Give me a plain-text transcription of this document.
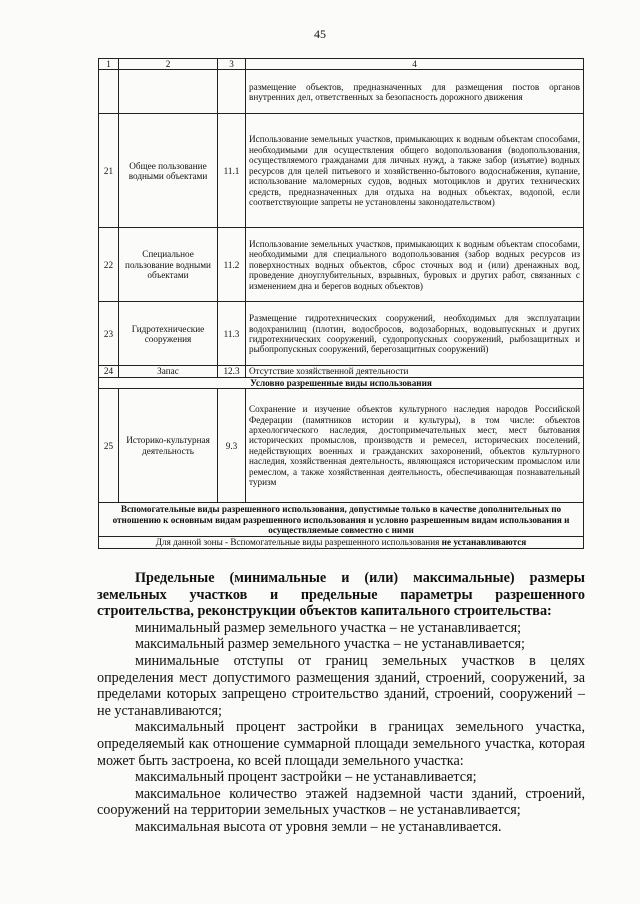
45
1	2	3	4
			размещение объектов, предназначенных для размещения постов органов внутренних дел, ответственных за безопасность дорожного движения
21	Общее пользование водными объектами	11.1	Использование земельных участков, примыкающих к водным объектам способами, необходимыми для осуществления общего водопользования (водопользования, осуществляемого гражданами для личных нужд, а также забор (изъятие) водных ресурсов для целей питьевого и хозяйственно-бытового водоснабжения, купание, использование маломерных судов, водных мотоциклов и других технических средств, предназначенных для отдыха на водных объектах, водопой, если соответствующие запреты не установлены законодательством)
22	Специальное пользование водными объектами	11.2	Использование земельных участков, примыкающих к водным объектам способами, необходимыми для специального водопользования (забор водных ресурсов из поверхностных водных объектов, сброс сточных вод и (или) дренажных вод, проведение дноуглубительных, взрывных, буровых и других работ, связанных с изменением дна и берегов водных объектов)
23	Гидротехнические сооружения	11.3	Размещение гидротехнических сооружений, необходимых для эксплуатации водохранилищ (плотин, водосбросов, водозаборных, водовыпускных и других гидротехнических сооружений, судопропускных сооружений, рыбозащитных и рыбопропускных сооружений, берегозащитных сооружений)
24	Запас	12.3	Отсутствие хозяйственной деятельности
Условно разрешенные виды использования			
25	Историко-культурная деятельность	9.3	Сохранение и изучение объектов культурного наследия народов Российской Федерации (памятников истории и культуры), в том числе: объектов археологического наследия, достопримечательных мест, мест бытования исторических промыслов, производств и ремесел, исторических поселений, недействующих военных и гражданских захоронений, объектов культурного наследия, хозяйственная деятельность, являющаяся историческим промыслом или ремеслом, а также хозяйственная деятельность, обеспечивающая познавательный туризм
Вспомогательные виды разрешенного использования, допустимые только в качестве дополнительных по отношению к основным видам разрешенного использования и условно разрешенным видам использования и осуществляемые совместно с ними			
Для данной зоны - Вспомогательные виды разрешенного использования не устанавливаются			

Предельные (минимальные и (или) максимальные) размеры земельных участков и предельные параметры разрешенного строительства, реконструкции объектов капитального строительства:

минимальный размер земельного участка – не устанавливается;

максимальный размер земельного участка – не устанавливается;

минимальные отступы от границ земельных участков в целях определения мест допустимого размещения зданий, строений, сооружений, за пределами которых запрещено строительство зданий, строений, сооружений – не устанавливаются;

максимальный процент застройки в границах земельного участка, определяемый как отношение суммарной площади земельного участка, которая может быть застроена, ко всей площади земельного участка:

максимальный процент застройки – не устанавливается;

максимальное количество этажей надземной части зданий, строений, сооружений на территории земельных участков – не устанавливается;

максимальная высота от уровня земли – не устанавливается.
